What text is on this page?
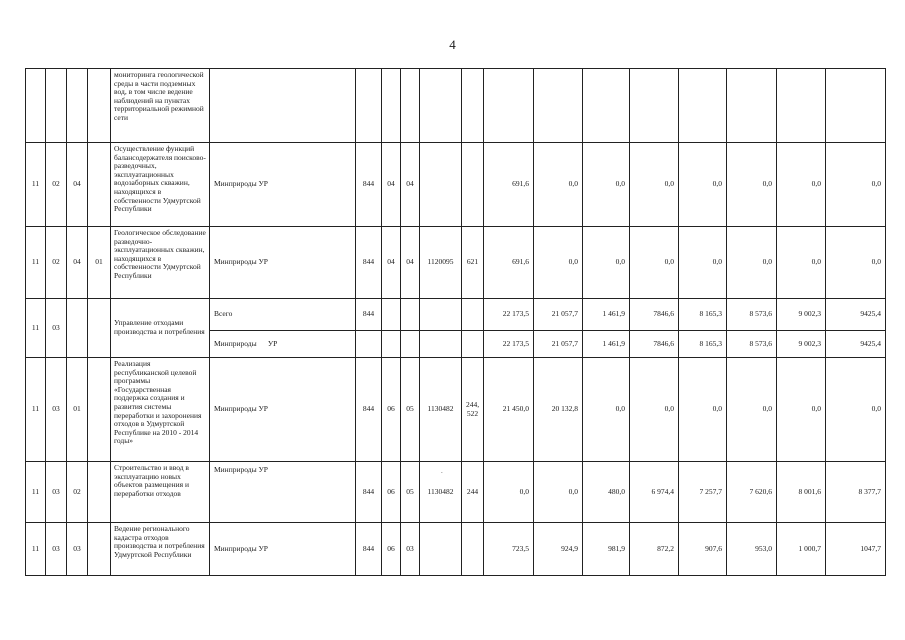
4
.
				мониторинга геологической среды в части подземных вод, в том числе ведение наблюдений на пунктах территориальной режимной сети														
11	02	04		Осуществление функций балансодержателя поисково-разведочных, эксплуатационных водозаборных скважин, находящихся в собственности Удмуртской Республики	Минприроды УР	844	04	04			691,6	0,0	0,0	0,0	0,0	0,0	0,0	0,0
11	02	04	01	Геологическое обследование разведочно-эксплуатационных скважин, находящихся в собственности Удмуртской Республики	Минприроды УР	844	04	04	1120095	621	691,6	0,0	0,0	0,0	0,0	0,0	0,0	0,0
11	03			Управление отходами производства и потребления	Всего	844					22 173,5	21 057,7	1 461,9	7846,6	8 165,3	8 573,6	9 002,3	9425,4
					Минприроды      УР						22 173,5	21 057,7	1 461,9	7846,6	8 165,3	8 573,6	9 002,3	9425,4
11	03	01		Реализация республиканской целевой программы «Государственная поддержка создания и развития системы переработки и захоронения отходов в Удмуртской Республике на 2010 - 2014 годы»	Минприроды УР	844	06	05	1130482	244, 522	21 450,0	20 132,8	0,0	0,0	0,0	0,0	0,0	0,0
11	03	02		Строительство и ввод в эксплуатацию новых объектов размещения и переработки отходов	Минприроды УР	844	06	05	1130482	244	0,0	0,0	480,0	6 974,4	7 257,7	7 620,6	8 001,6	8 377,7
11	03	03		Ведение регионального кадастра отходов производства и потребления Удмуртской Республики	Минприроды УР	844	06	03			723,5	924,9	981,9	872,2	907,6	953,0	1 000,7	1047,7
